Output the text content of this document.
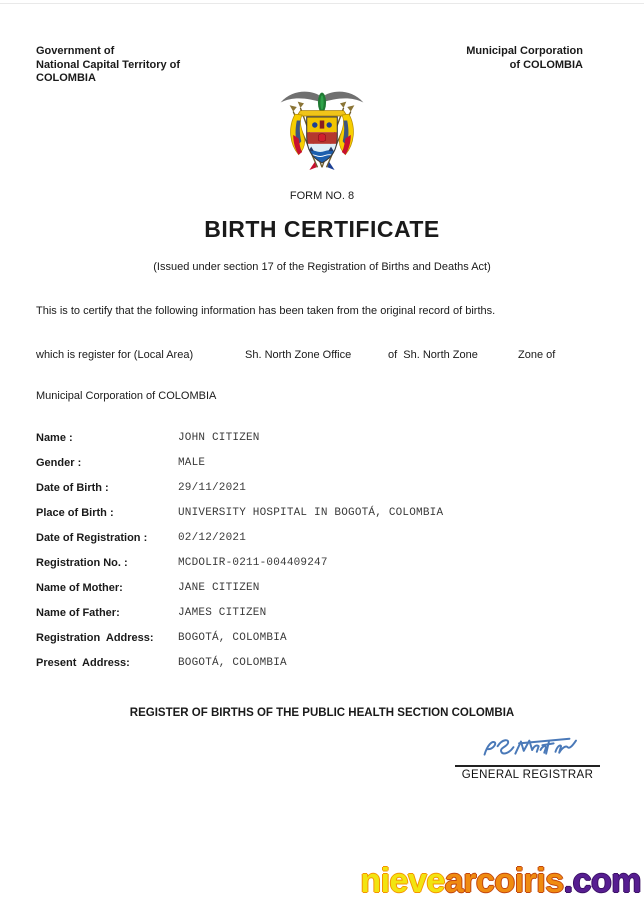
Government of
National Capital Territory of
COLOMBIA
Municipal Corporation
of COLOMBIA
FORM NO. 8
BIRTH CERTIFICATE
(Issued under section 17 of the Registration of Births and Deaths Act)
This is to certify that the following information has been taken from the original record of births.
which is register for (Local Area)	Sh. North Zone Office	of  Sh. North Zone	Zone of
Municipal Corporation of COLOMBIA
Name :	JOHN CITIZEN
Gender :	MALE
Date of Birth :	29/11/2021
Place of Birth :	UNIVERSITY HOSPITAL IN BOGOTÁ, COLOMBIA
Date of Registration :	02/12/2021
Registration No. :	MCDOLIR-0211-004409247
Name of Mother:	JANE CITIZEN
Name of Father:	JAMES CITIZEN
Registration  Address:	BOGOTÁ, COLOMBIA
Present  Address:	BOGOTÁ, COLOMBIA
REGISTER OF BIRTHS OF THE PUBLIC HEALTH SECTION COLOMBIA
GENERAL REGISTRAR
nievearcoiris.com
